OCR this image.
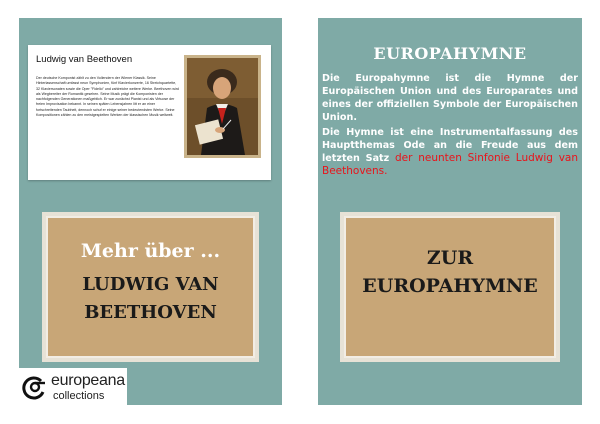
Ludwig van Beethoven
Der deutsche Komponist zählt zu den Vollendern der Wiener Klassik. Seine Hinterlassenschaft umfasst neun Symphonien, fünf Klavierkonzerte, 16 Streichquartette, 32 Klaviersonaten sowie die Oper "Fidelio" und zahlreiche weitere Werke. Beethoven wird als Wegbereiter der Romantik gesehen. Seine Musik prägt die Komponisten der nachfolgenden Generationen maßgeblich. Er war zunächst Pianist und als Virtuose der freien Improvisation bekannt. In seinen späten Lebensjahren litt er an einer fortschreitenden Taubheit, dennoch schuf er einige seiner bedeutendsten Werke. Seine Kompositionen zählen zu den meistgespielten Werken der klassischen Musik weltweit.
Mehr über ...
LUDWIG VAN
BEETHOVEN
EUROPAHYMNE
Die Europahymne ist die Hymne der Europäischen Union und des Europarates und eines der offiziellen Symbole der Europäischen Union.
Die Hymne ist eine Instrumentalfassung des Hauptthemas Ode an die Freude aus dem letzten Satz der neunten Sinfonie Ludwig van Beethovens.
ZUR
EUROPAHYMNE
europeana
collections
